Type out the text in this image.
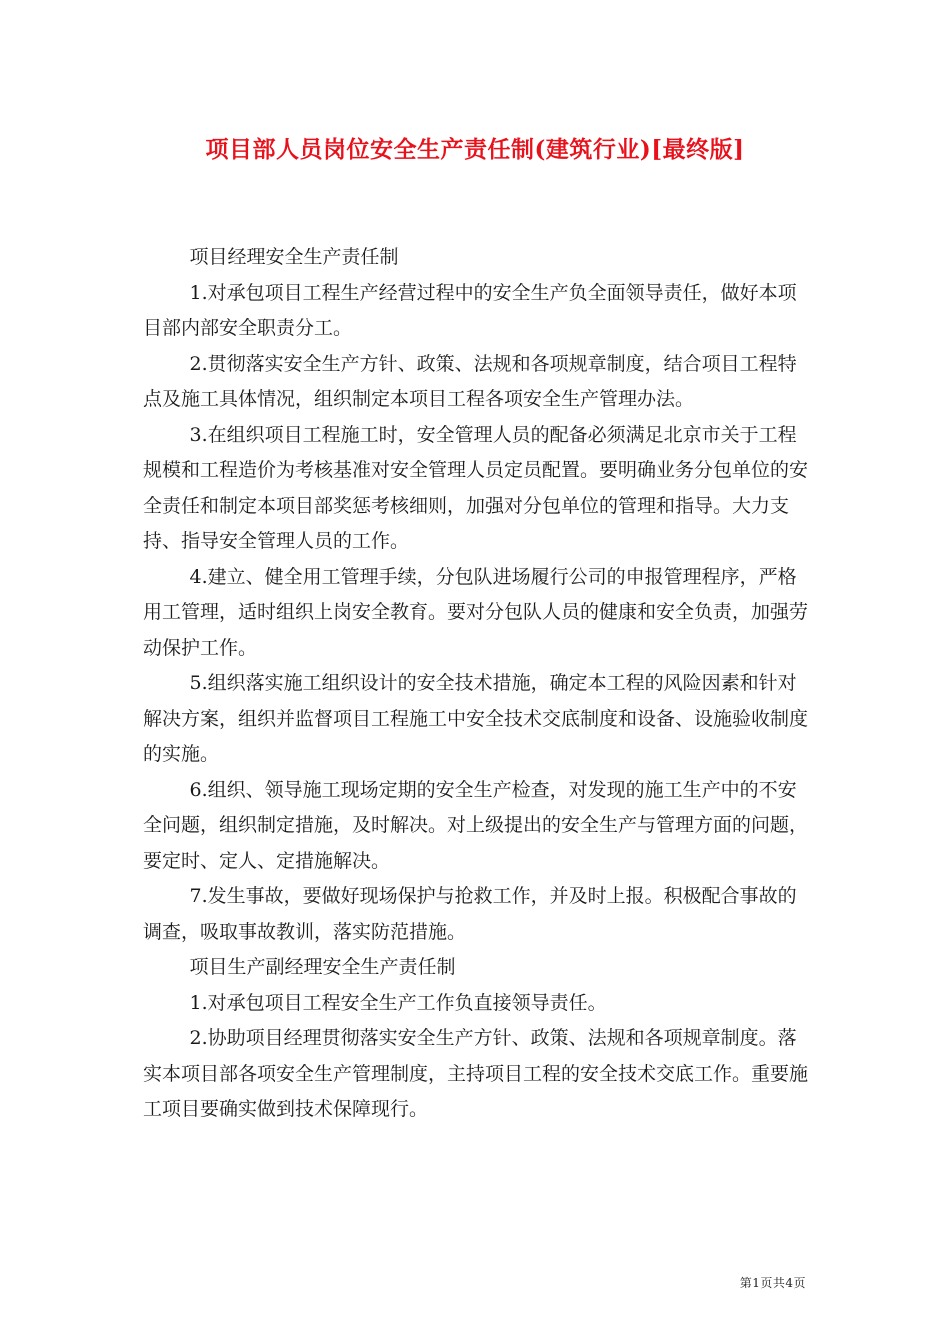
项目部人员岗位安全生产责任制(建筑行业)[最终版]

项目经理安全生产责任制

1.对承包项目工程生产经营过程中的安全生产负全面领导责任，做好本项目部内部安全职责分工。

2.贯彻落实安全生产方针、政策、法规和各项规章制度，结合项目工程特点及施工具体情况，组织制定本项目工程各项安全生产管理办法。

3.在组织项目工程施工时，安全管理人员的配备必须满足北京市关于工程规模和工程造价为考核基准对安全管理人员定员配置。要明确业务分包单位的安全责任和制定本项目部奖惩考核细则，加强对分包单位的管理和指导。大力支持、指导安全管理人员的工作。

4.建立、健全用工管理手续，分包队进场履行公司的申报管理程序，严格用工管理，适时组织上岗安全教育。要对分包队人员的健康和安全负责，加强劳动保护工作。

5.组织落实施工组织设计的安全技术措施，确定本工程的风险因素和针对解决方案，组织并监督项目工程施工中安全技术交底制度和设备、设施验收制度的实施。

6.组织、领导施工现场定期的安全生产检查，对发现的施工生产中的不安全问题，组织制定措施，及时解决。对上级提出的安全生产与管理方面的问题，要定时、定人、定措施解决。

7.发生事故，要做好现场保护与抢救工作，并及时上报。积极配合事故的调查，吸取事故教训，落实防范措施。

项目生产副经理安全生产责任制

1.对承包项目工程安全生产工作负直接领导责任。

2.协助项目经理贯彻落实安全生产方针、政策、法规和各项规章制度。落实本项目部各项安全生产管理制度，主持项目工程的安全技术交底工作。重要施工项目要确实做到技术保障现行。

第1页共4页
